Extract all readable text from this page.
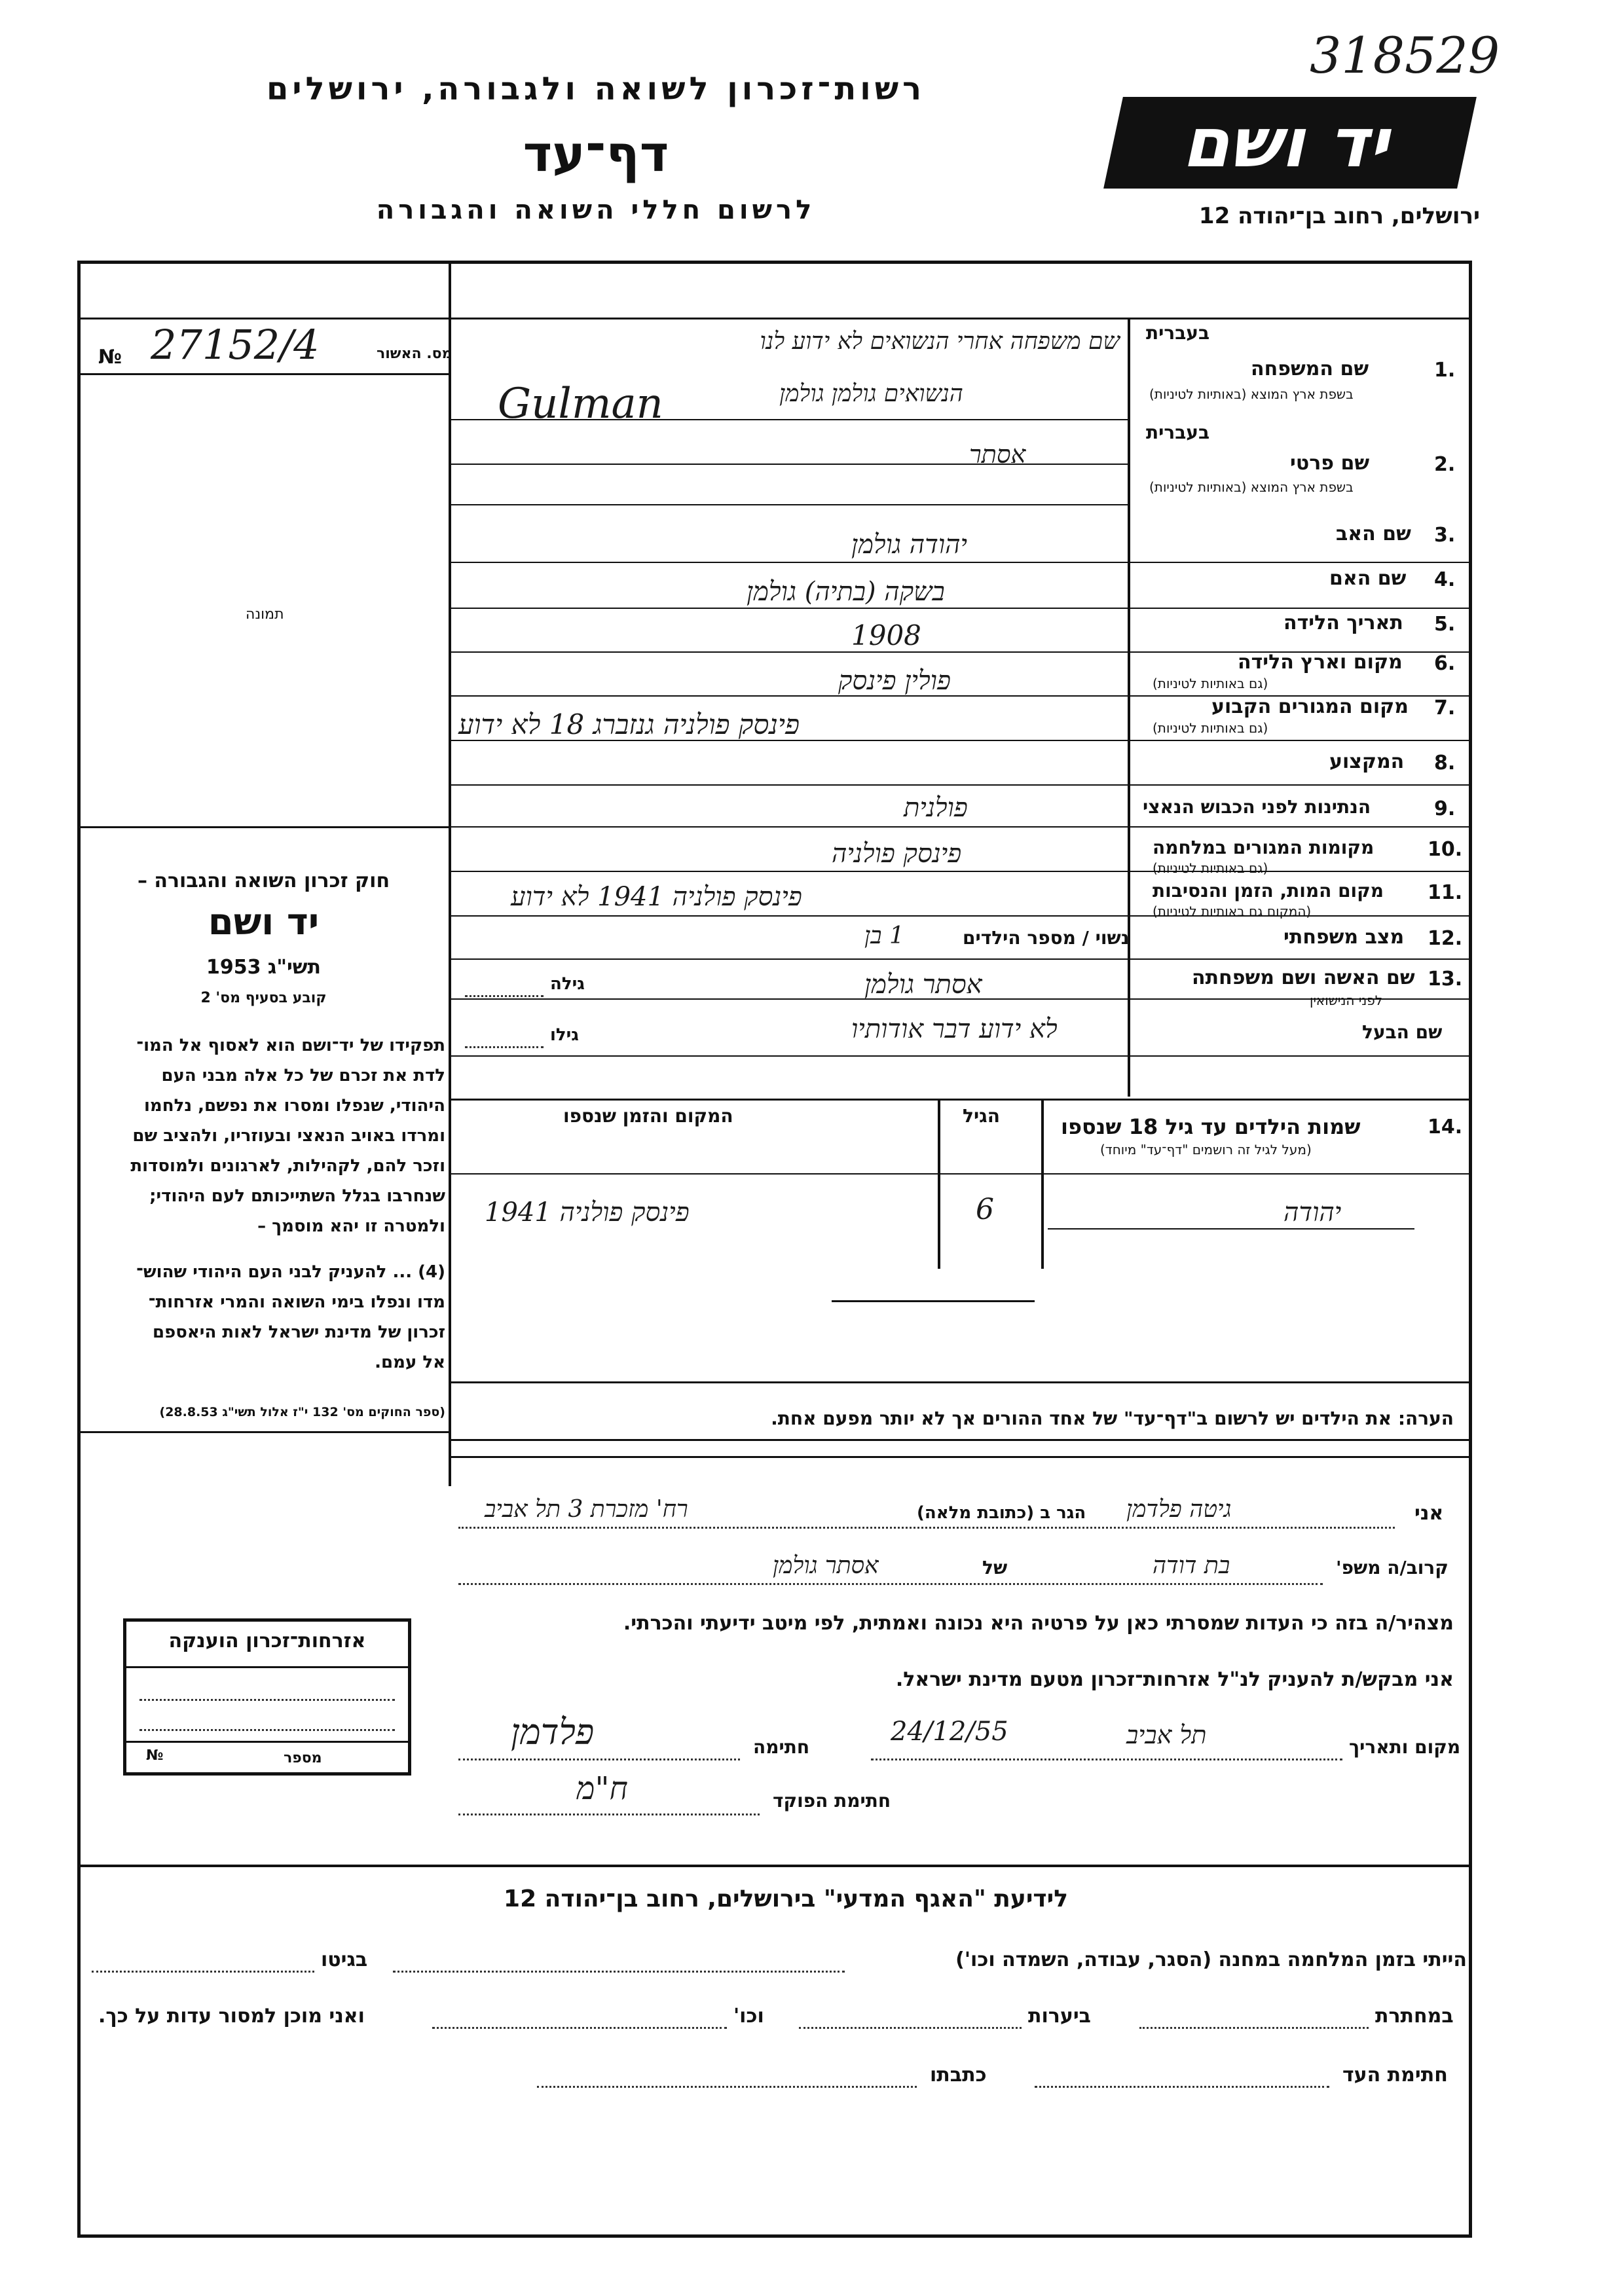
318529
רשות־זכרון לשואה ולגבורה, ירושלים
דף־עד
לרשום חללי השואה והגבורה
יד ושם
ירושלים, רחוב בן־יהודה 12
מס. האשור
№ 27152/4
תמונה
חוק זכרון השואה והגבורה –
יד ושם
תשי"ג 1953
קובע בסעיף מס' 2
תפקידו של יד־ושם הוא לאסוף אל המו־
לדת את זכרם של כל אלה מבני העם
היהודי, שנפלו ומסרו את נפשם, נלחמו
ומרדו באויב הנאצי ובעוזריו, ולהציב שם
וזכר להם, לקהילות, לארגונים ולמוסדות
שנחרבו בגלל השתייכותם לעם היהודי;
ולמטרה זו יהא מוסמך –
(4) ... להעניק לבני העם היהודי שהוש־
מדו ונפלו בימי השואה והמרי אזרחות־
זכרון של מדינת ישראל לאות היאספם
אל עמם.
(ספר החוקים מס' 132 י"ז אלול תשי"ג 28.8.53)
שם משפחה אחרי הנשואים לא ידוע לנו בעברית
1.
שם המשפחה
בשפת ארץ המוצא (באותיות לטיניות)
הנשואים גולמן גולמן
Gulman
בעברית
2.
שם פרטי
בשפת ארץ המוצא (באותיות לטיניות)
אסתר
3.
שם האב
יהודה גולמן
4.
שם האם
בשקה (בתיה) גולמן
5.
תאריך הלידה
1908
6.
מקום וארץ הלידה
(גם באותיות לטיניות)
פולין פינסק
7.
מקום המגורים הקבוע
(גם באותיות לטיניות)
פינסק פולניה גנזברג 18 לא ידוע
8.
המקצוע
9.
הנתינות לפני הכבוש הנאצי
פולנית
10.
מקומות המגורים במלחמה
(גם באותיות לטיניות)
פינסק פולניה
11.
מקום המות, הזמן והנסיבות
(המקום גם באותיות לטיניות)
פינסק פולניה 1941 לא ידוע
12.
מצב משפחתי
נשוי / מספר הילדים
1 בן
13.
שם האשה ושם משפחתה
לפני הנישואין
אסתר גולמן
גילה
שם הבעל
לא ידוע דבר אודותיו
גילו
14.
שמות הילדים עד גיל 18 שנספו
(מעל לגיל זה רושמים "דף־עד" מיוחד)
הגיל
המקום והזמן שנספו
יהודה
6
פינסק פולניה 1941
הערה: את הילדים יש לרשום ב"דף־עד" של אחד ההורים אך לא יותר מפעם אחת.
אני
גיטה פלדמן
הגר ב (כתובת מלאה)
רח' מזכרת 3 תל אביב
קרוב/ה משפ'
בת דודה
של
אסתר גולמן
מצהיר/ה בזה כי העדות שמסרתי כאן על פרטיה היא נכונה ואמתית, לפי מיטב ידיעתי והכרתי.
אני מבקש/ת להעניק לנ"ל אזרחות־זכרון מטעם מדינת ישראל.
מקום ותאריך
תל אביב
24/12/55
חתימה
פלדמן
חתימת הפוקד
ח"מ
אזרחות־זכרון הוענקה
מספר
№
לידיעת "האגף המדעי" בירושלים, רחוב בן־יהודה 12
הייתי בזמן המלחמה במחנה (הסגר, עבודה, השמדה וכו')
בגיטו
במחתרת
ביערות
וכו'
ואני מוכן למסור עדות על כך.
חתימת העד
כתבתו
